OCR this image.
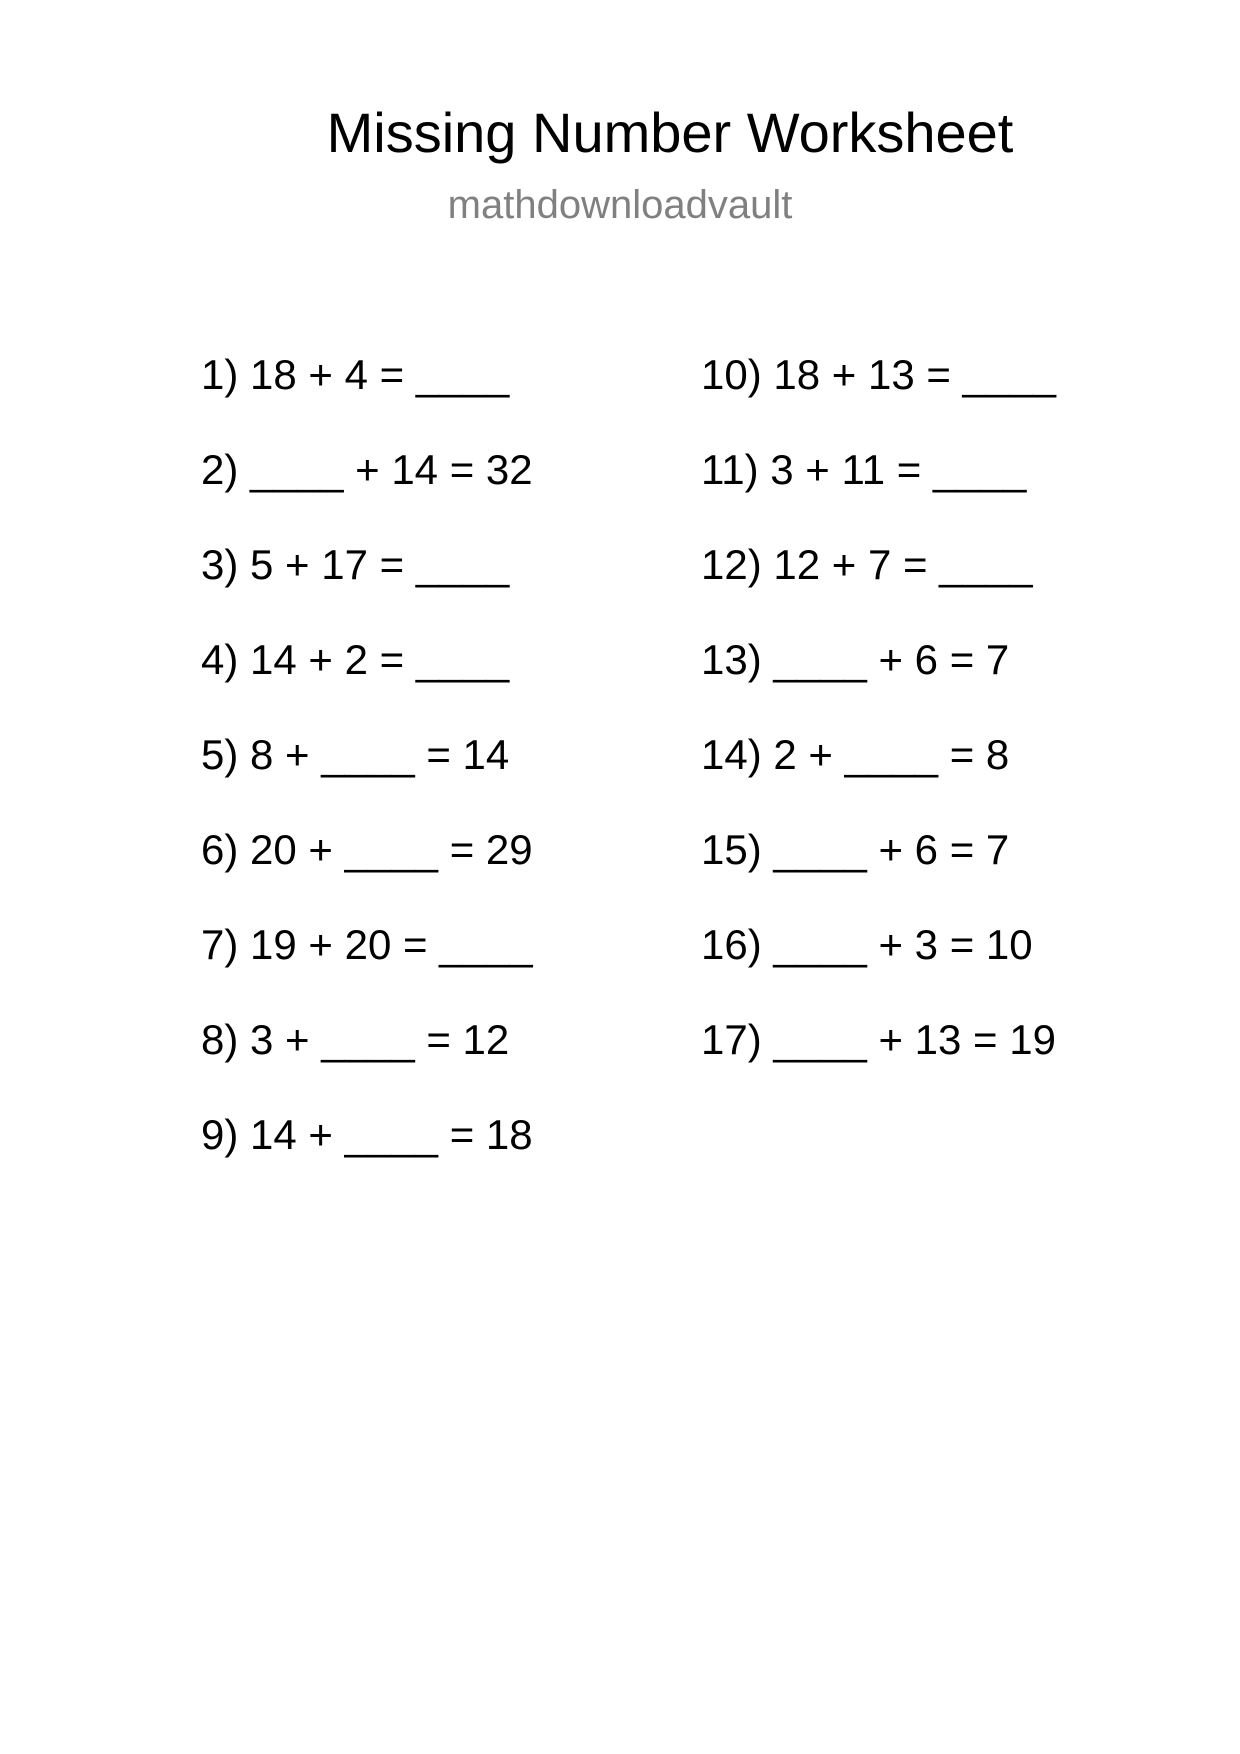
Missing Number Worksheet
mathdownloadvault
1) 18 + 4 = ____
2) ____ + 14 = 32
3) 5 + 17 = ____
4) 14 + 2 = ____
5) 8 + ____ = 14
6) 20 + ____ = 29
7) 19 + 20 = ____
8) 3 + ____ = 12
9) 14 + ____ = 18
10) 18 + 13 = ____
11) 3 + 11 = ____
12) 12 + 7 = ____
13) ____ + 6 = 7
14) 2 + ____ = 8
15) ____ + 6 = 7
16) ____ + 3 = 10
17) ____ + 13 = 19
